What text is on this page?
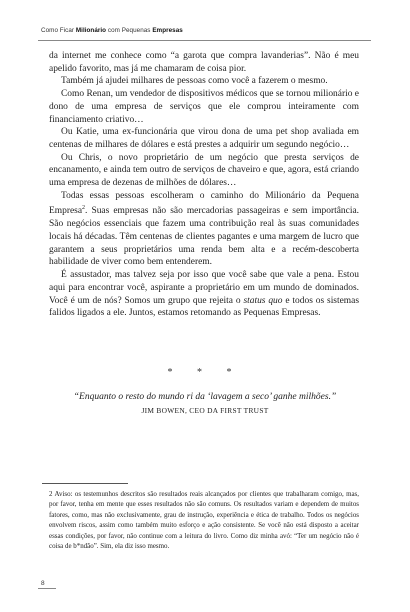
Como Ficar Milionário com Pequenas Empresas

da internet me conhece como “a garota que compra lavanderias”. Não é meu apelido favorito, mas já me chamaram de coisa pior.

Também já ajudei milhares de pessoas como você a fazerem o mesmo.

Como Renan, um vendedor de dispositivos médicos que se tornou milionário e dono de uma empresa de serviços que ele comprou inteiramente com financiamento criativo…

Ou Katie, uma ex-funcionária que virou dona de uma pet shop avaliada em centenas de milhares de dólares e está prestes a adquirir um segundo negócio…

Ou Chris, o novo proprietário de um negócio que presta serviços de encanamento, e ainda tem outro de serviços de chaveiro e que, agora, está criando uma empresa de dezenas de milhões de dólares…

Todas essas pessoas escolheram o caminho do Milionário da Pequena Empresa$^2$. Suas empresas não são mercadorias passageiras e sem importância. São negócios essenciais que fazem uma contribuição real às suas comunidades locais há décadas. Têm centenas de clientes pagantes e uma margem de lucro que garantem a seus proprietários uma renda bem alta e a recém-descoberta habilidade de viver como bem entenderem.

É assustador, mas talvez seja por isso que você sabe que vale a pena. Estou aqui para encontrar você, aspirante a proprietário em um mundo de dominados. Você é um de nós? Somos um grupo que rejeita o status quo e todos os sistemas falidos ligados a ele. Juntos, estamos retomando as Pequenas Empresas.

* * *
“Enquanto o resto do mundo ri da ‘lavagem a seco’ ganhe milhões.”
JIM BOWEN, CEO DA FIRST TRUST
2 Aviso: os testemunhos descritos são resultados reais alcançados por clientes que trabalharam comigo, mas, por favor, tenha em mente que esses resultados não são comuns. Os resultados variam e dependem de muitos fatores, como, mas não exclusivamente, grau de instrução, experiência e ética de trabalho. Todos os negócios envolvem riscos, assim como também muito esforço e ação consistente. Se você não está disposto a aceitar essas condições, por favor, não continue com a leitura do livro. Como diz minha avó: “Ter um negócio não é coisa de b*ndão”. Sim, ela diz isso mesmo.
8
